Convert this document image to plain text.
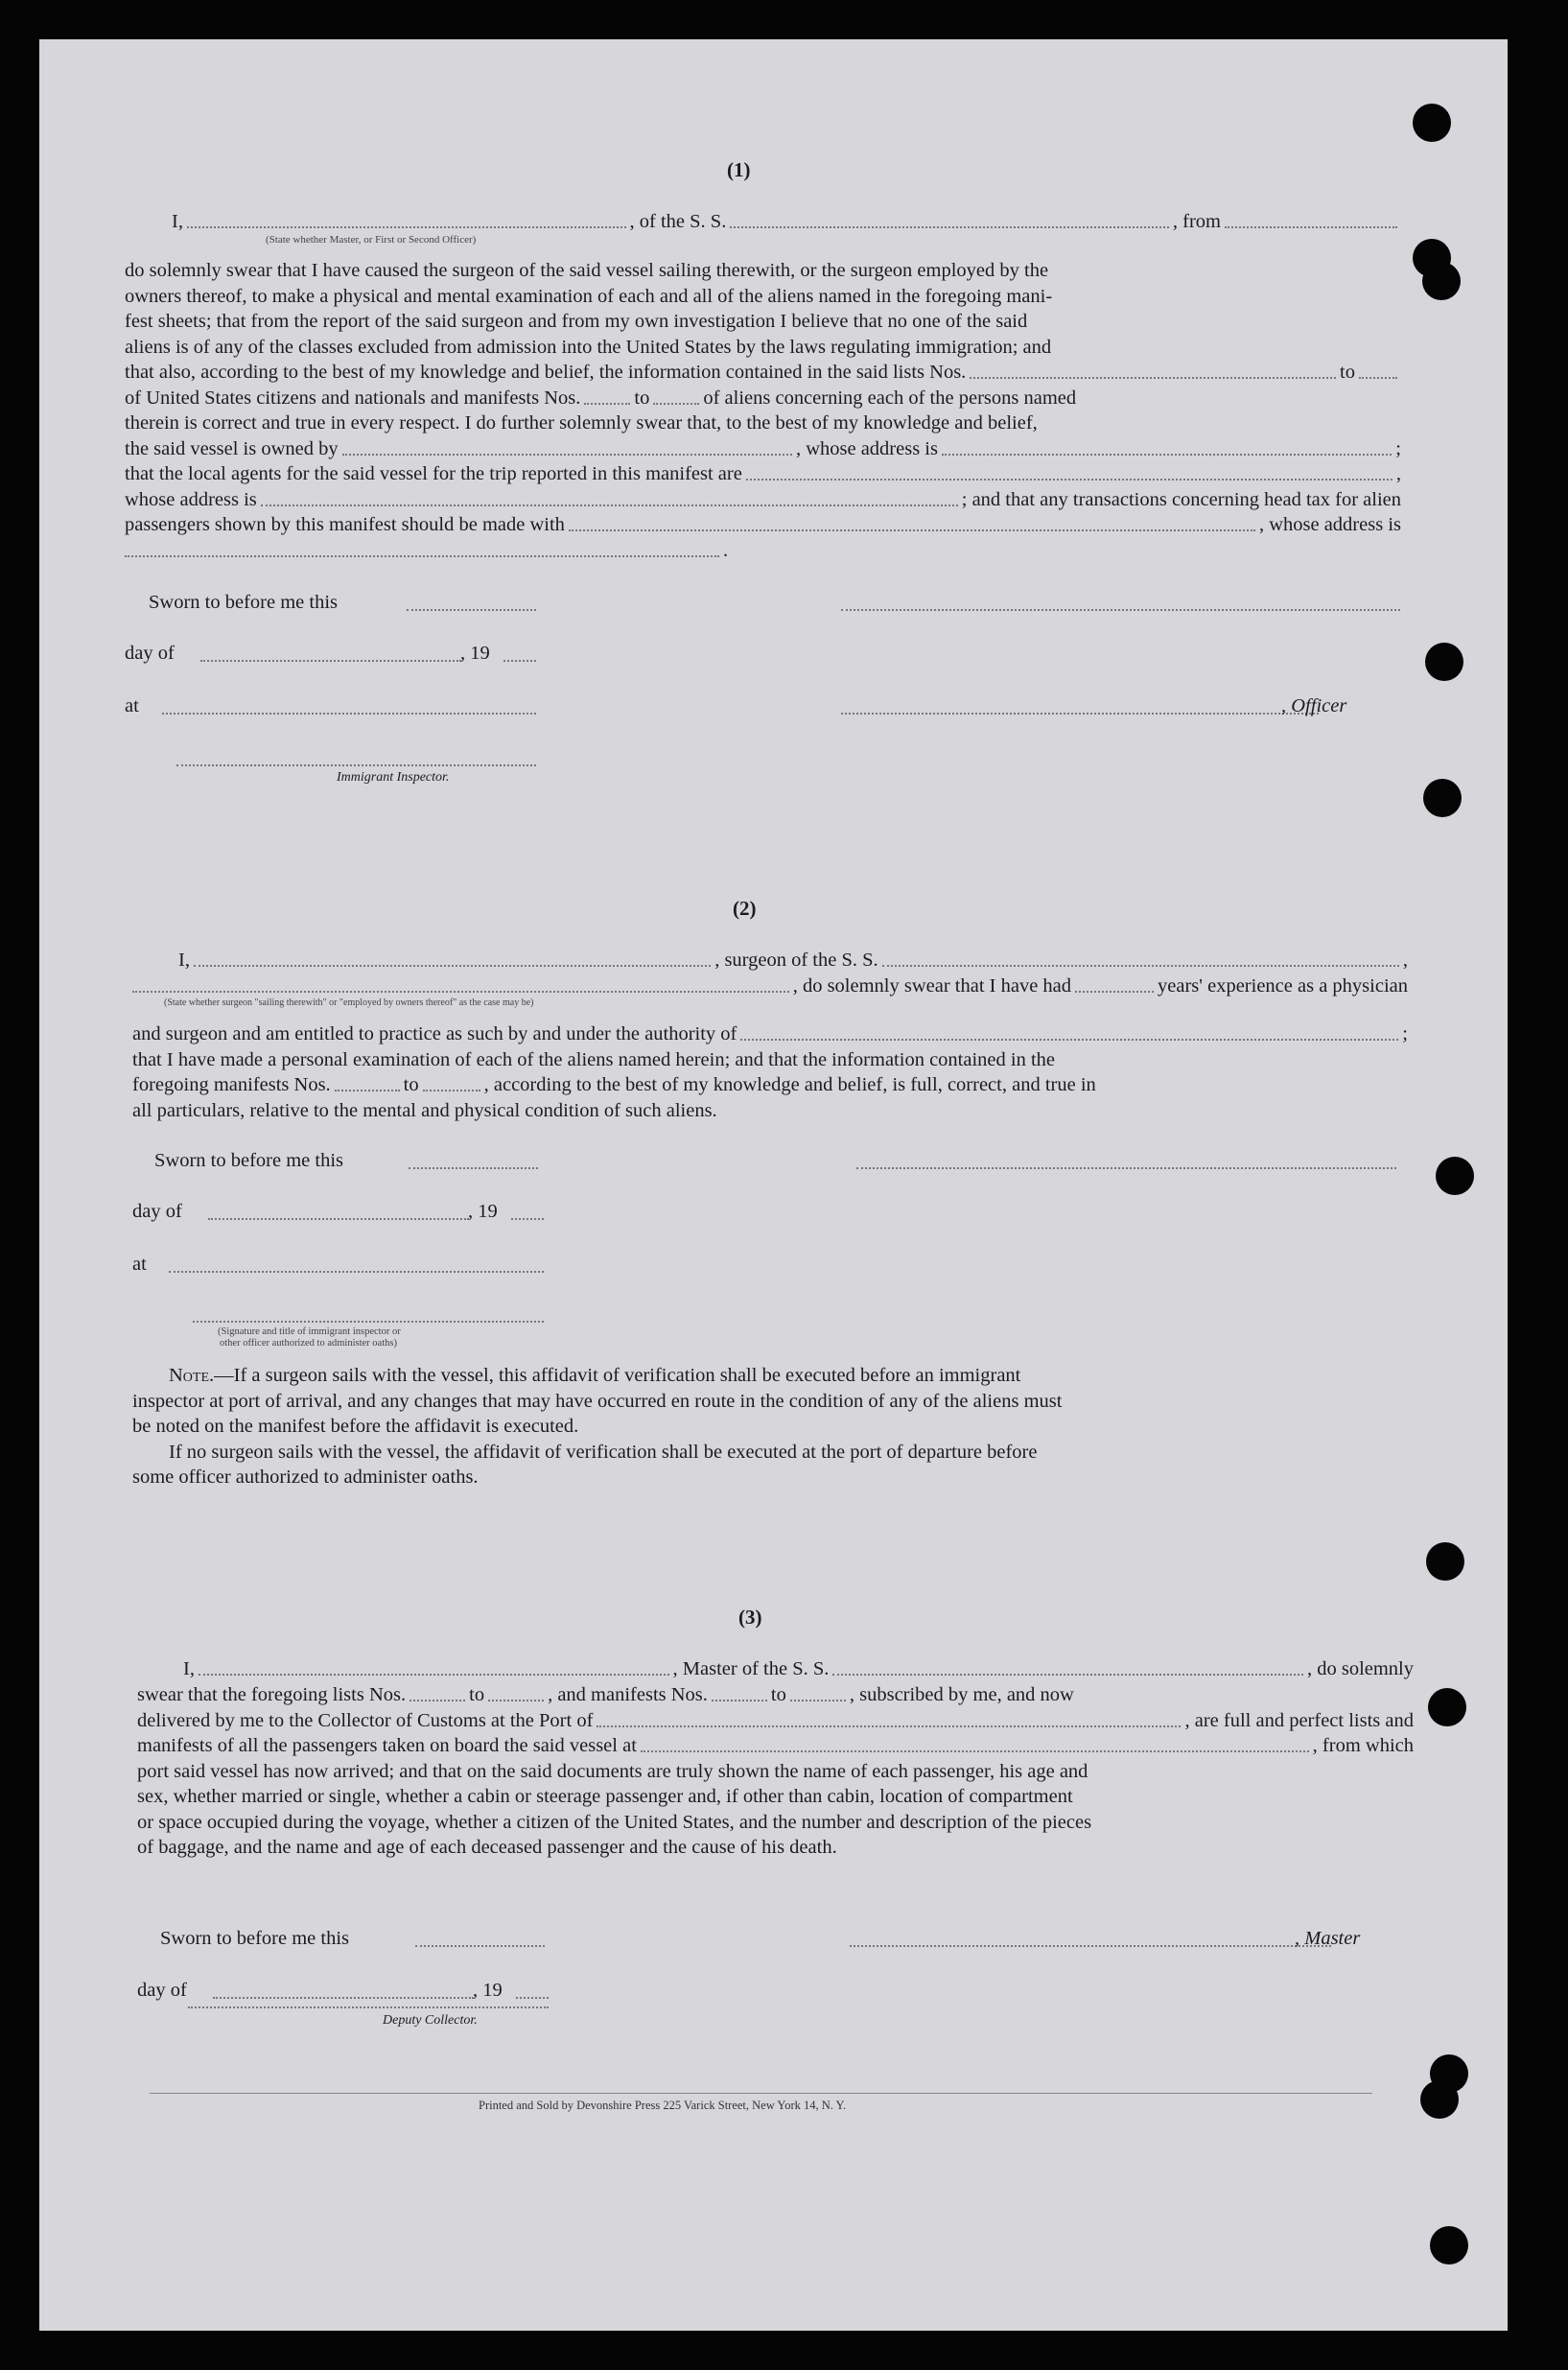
(1)
I,	, of the S. S.	, from
(State whether Master, or First or Second Officer)
do solemnly swear that I have caused the surgeon of the said vessel sailing therewith, or the surgeon employed by the
owners thereof, to make a physical and mental examination of each and all of the aliens named in the foregoing mani-
fest sheets; that from the report of the said surgeon and from my own investigation I believe that no one of the said
aliens is of any of the classes excluded from admission into the United States by the laws regulating immigration; and
that also, according to the best of my knowledge and belief, the information contained in the said lists Nos.	to
of United States citizens and nationals and manifests Nos.	to	of aliens concerning each of the persons named
therein is correct and true in every respect. I do further solemnly swear that, to the best of my knowledge and belief,
the said vessel is owned by	, whose address is	;
that the local agents for the said vessel for the trip reported in this manifest are	,
whose address is	; and that any transactions concerning head tax for alien
passengers shown by this manifest should be made with	, whose address is
.
Sworn to before me this
day of	, 19
at	, Officer
Immigrant Inspector.
(2)
I,	, surgeon of the S. S.	,
, do solemnly swear that I have had	years' experience as a physician
(State whether surgeon "sailing therewith" or "employed by owners thereof" as the case may be)
and surgeon and am entitled to practice as such by and under the authority of	;
that I have made a personal examination of each of the aliens named herein; and that the information contained in the
foregoing manifests Nos.	to	, according to the best of my knowledge and belief, is full, correct, and true in
all particulars, relative to the mental and physical condition of such aliens.
Sworn to before me this
day of	, 19
at
(Signature and title of immigrant inspector or
other officer authorized to administer oaths)
Note. —If a surgeon sails with the vessel, this affidavit of verification shall be executed before an immigrant
inspector at port of arrival, and any changes that may have occurred en route in the condition of any of the aliens must
be noted on the manifest before the affidavit is executed.
If no surgeon sails with the vessel, the affidavit of verification shall be executed at the port of departure before
some officer authorized to administer oaths.
(3)
I,	, Master of the S. S.	, do solemnly
swear that the foregoing lists Nos.	to	, and manifests Nos.	to	, subscribed by me, and now
delivered by me to the Collector of Customs at the Port of	, are full and perfect lists and
manifests of all the passengers taken on board the said vessel at	, from which
port said vessel has now arrived; and that on the said documents are truly shown the name of each passenger, his age and
sex, whether married or single, whether a cabin or steerage passenger and, if other than cabin, location of compartment
or space occupied during the voyage, whether a citizen of the United States, and the number and description of the pieces
of baggage, and the name and age of each deceased passenger and the cause of his death.
Sworn to before me this	, Master
day of	, 19
Deputy Collector.
Printed and Sold by Devonshire Press 225 Varick Street, New York 14, N. Y.
